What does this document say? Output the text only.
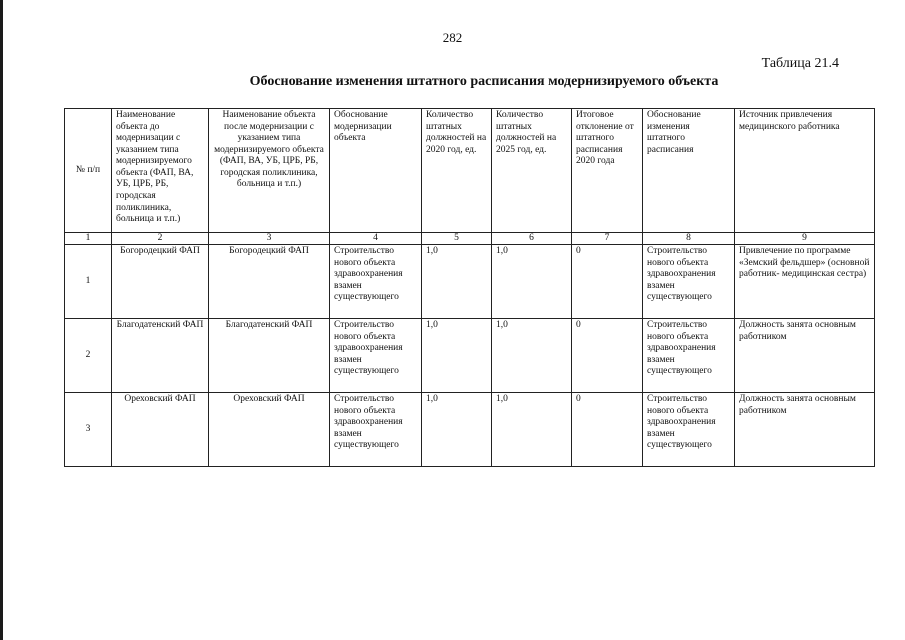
282
Таблица 21.4
Обоснование изменения штатного расписания модернизируемого объекта
№ п/п	Наименование объекта до модернизации с указанием типа модернизируемого объекта (ФАП, ВА, УБ, ЦРБ, РБ, городская поликлиника, больница и т.п.)	Наименование объекта после модернизации с указанием типа модернизируемого объекта (ФАП, ВА, УБ, ЦРБ, РБ, городская поликлиника, больница и т.п.)	Обоснование модернизации объекта	Количество штатных должностей на 2020 год, ед.	Количество штатных должностей на 2025 год, ед.	Итоговое отклонение от штатного расписания 2020 года	Обоснование изменения штатного расписания	Источник привлечения медицинского работника
1	2	3	4	5	6	7	8	9
1	Богородецкий ФАП	Богородецкий ФАП	Строительство нового объекта здравоохранения взамен существующего	1,0	1,0	0	Строительство нового объекта здравоохранения взамен существующего	Привлечение по программе «Земский фельдшер» (основной работник- медицинская сестра)
2	Благодатенский ФАП	Благодатенский ФАП	Строительство нового объекта здравоохранения взамен существующего	1,0	1,0	0	Строительство нового объекта здравоохранения взамен существующего	Должность занята основным работником
3	Ореховский ФАП	Ореховский ФАП	Строительство нового объекта здравоохранения взамен существующего	1,0	1,0	0	Строительство нового объекта здравоохранения взамен существующего	Должность занята основным работником
